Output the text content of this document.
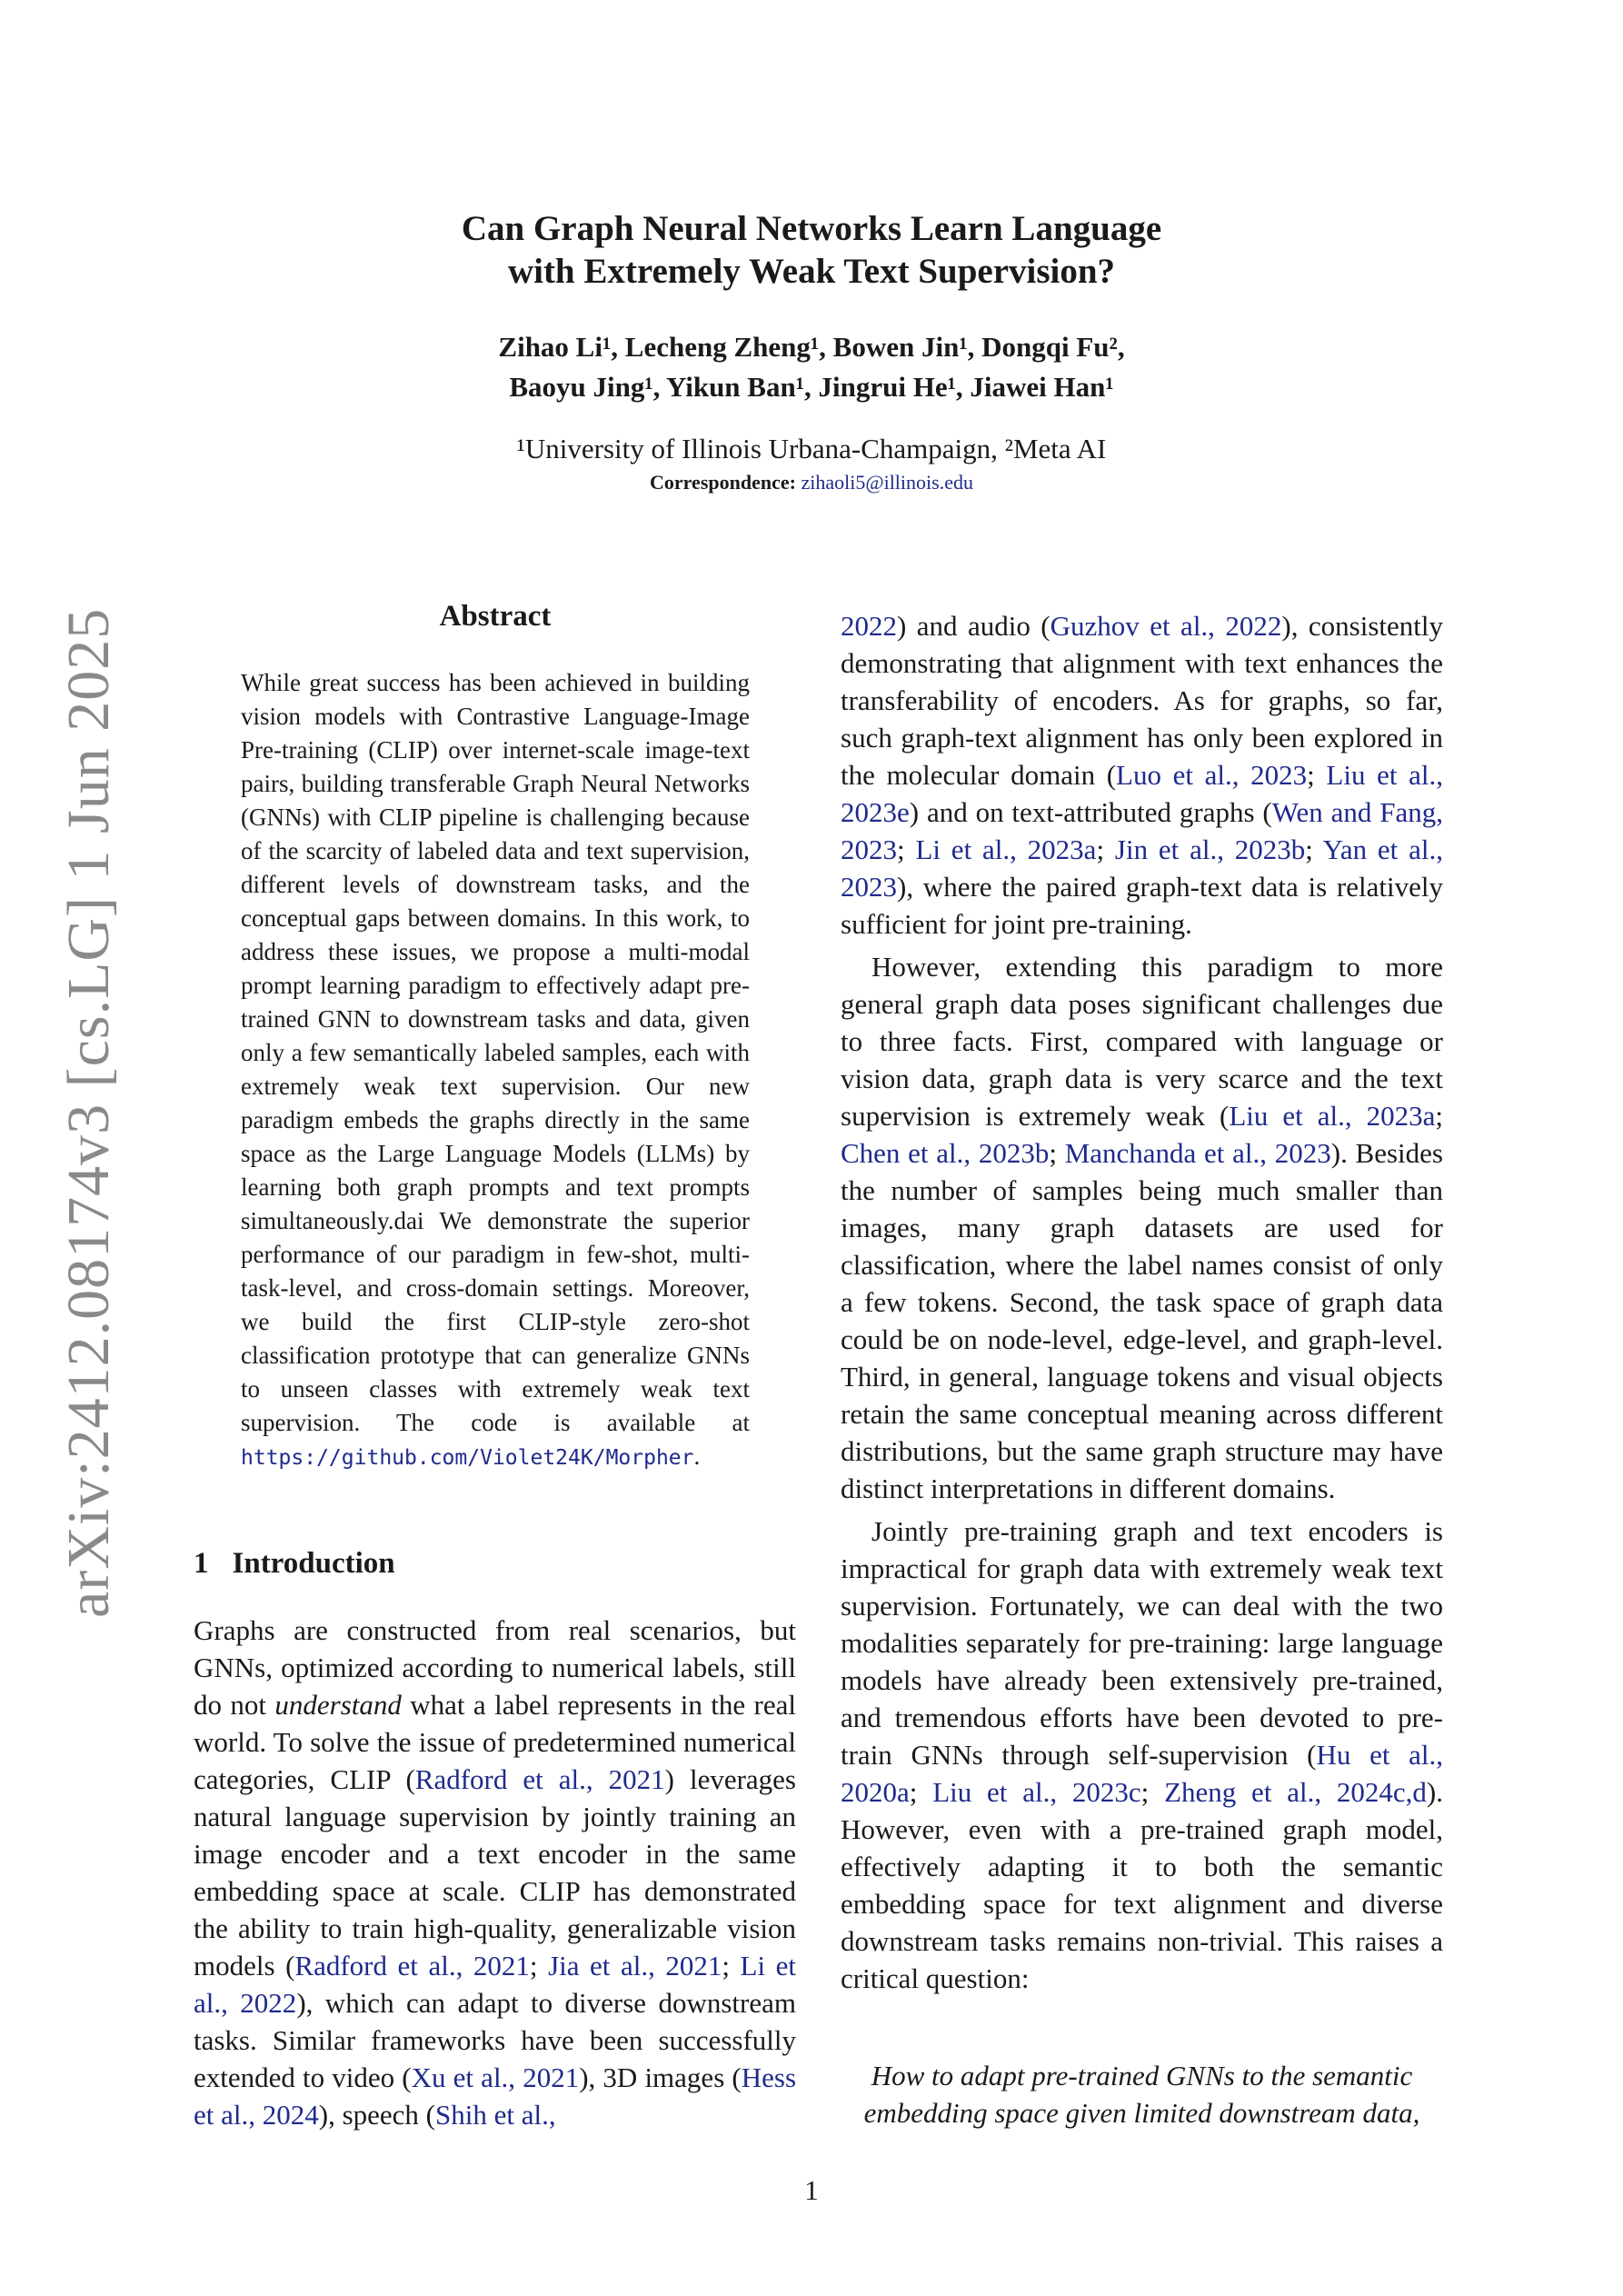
arXiv:2412.08174v3 [cs.LG] 1 Jun 2025
Can Graph Neural Networks Learn Language
with Extremely Weak Text Supervision?
Zihao Li¹, Lecheng Zheng¹, Bowen Jin¹, Dongqi Fu²,
Baoyu Jing¹, Yikun Ban¹, Jingrui He¹, Jiawei Han¹
¹University of Illinois Urbana-Champaign, ²Meta AI
Correspondence: zihaoli5@illinois.edu
Abstract
While great success has been achieved in building vision models with Contrastive Language-Image Pre-training (CLIP) over internet-scale image-text pairs, building transferable Graph Neural Networks (GNNs) with CLIP pipeline is challenging because of the scarcity of labeled data and text supervision, different levels of downstream tasks, and the conceptual gaps between domains. In this work, to address these issues, we propose a multi-modal prompt learning paradigm to effectively adapt pre-trained GNN to downstream tasks and data, given only a few semantically labeled samples, each with extremely weak text supervision. Our new paradigm embeds the graphs directly in the same space as the Large Language Models (LLMs) by learning both graph prompts and text prompts simultaneously.dai We demonstrate the superior performance of our paradigm in few-shot, multi-task-level, and cross-domain settings. Moreover, we build the first CLIP-style zero-shot classification prototype that can generalize GNNs to unseen classes with extremely weak text supervision. The code is available at https://github.com/Violet24K/Morpher.
1 Introduction
Graphs are constructed from real scenarios, but GNNs, optimized according to numerical labels, still do not understand what a label represents in the real world. To solve the issue of predetermined numerical categories, CLIP (Radford et al., 2021) leverages natural language supervision by jointly training an image encoder and a text encoder in the same embedding space at scale. CLIP has demonstrated the ability to train high-quality, generalizable vision models (Radford et al., 2021; Jia et al., 2021; Li et al., 2022), which can adapt to diverse downstream tasks. Similar frameworks have been successfully extended to video (Xu et al., 2021), 3D images (Hess et al., 2024), speech (Shih et al.,

2022) and audio (Guzhov et al., 2022), consistently demonstrating that alignment with text enhances the transferability of encoders. As for graphs, so far, such graph-text alignment has only been explored in the molecular domain (Luo et al., 2023; Liu et al., 2023e) and on text-attributed graphs (Wen and Fang, 2023; Li et al., 2023a; Jin et al., 2023b; Yan et al., 2023), where the paired graph-text data is relatively sufficient for joint pre-training.

However, extending this paradigm to more general graph data poses significant challenges due to three facts. First, compared with language or vision data, graph data is very scarce and the text supervision is extremely weak (Liu et al., 2023a; Chen et al., 2023b; Manchanda et al., 2023). Besides the number of samples being much smaller than images, many graph datasets are used for classification, where the label names consist of only a few tokens. Second, the task space of graph data could be on node-level, edge-level, and graph-level. Third, in general, language tokens and visual objects retain the same conceptual meaning across different distributions, but the same graph structure may have distinct interpretations in different domains.

Jointly pre-training graph and text encoders is impractical for graph data with extremely weak text supervision. Fortunately, we can deal with the two modalities separately for pre-training: large language models have already been extensively pre-trained, and tremendous efforts have been devoted to pre-train GNNs through self-supervision (Hu et al., 2020a; Liu et al., 2023c; Zheng et al., 2024c,d). However, even with a pre-trained graph model, effectively adapting it to both the semantic embedding space for text alignment and diverse downstream tasks remains non-trivial. This raises a critical question:

How to adapt pre-trained GNNs to the semantic
embedding space given limited downstream data,
1
